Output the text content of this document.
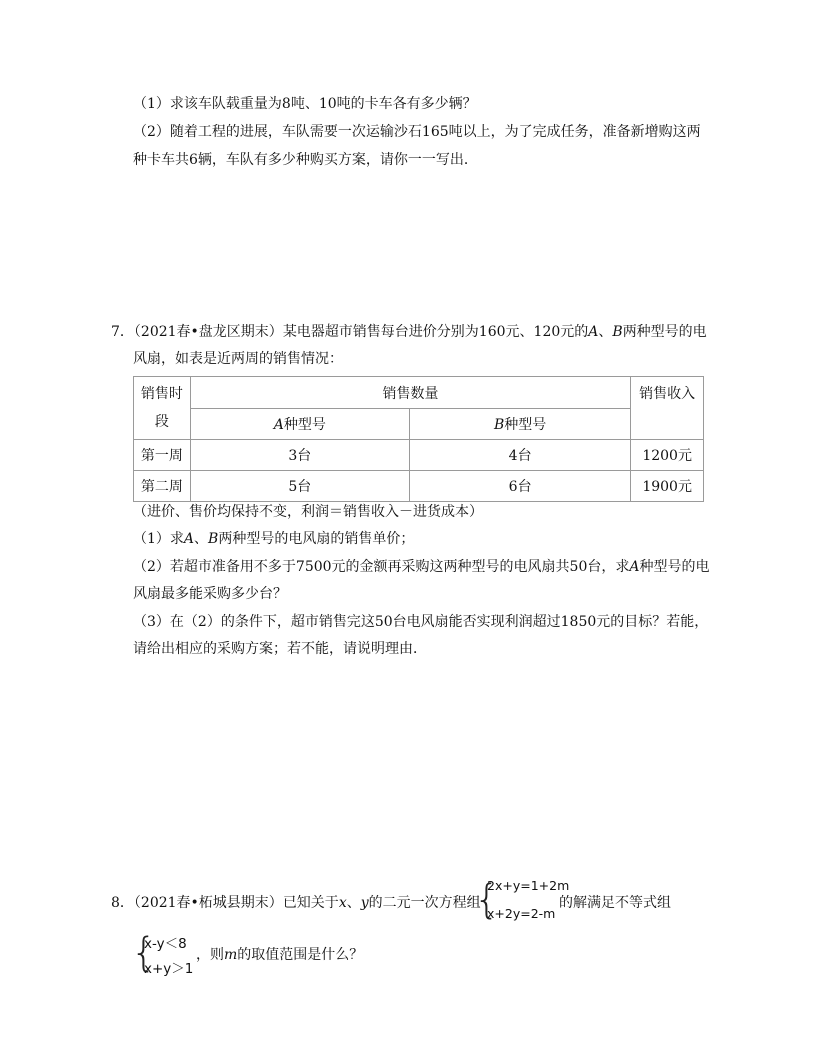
（1）求该车队载重量为8吨、10吨的卡车各有多少辆？
（2）随着工程的进展，车队需要一次运输沙石165吨以上，为了完成任务，准备新增购这两
种卡车共6辆，车队有多少种购买方案，请你一一写出．
7．（2021春•盘龙区期末）某电器超市销售每台进价分别为160元、120元的A、B两种型号的电
风扇，如表是近两周的销售情况：
销售时
段	销售数量		销售收入
	A种型号	B种型号	
第一周	3台	4台	1200元
第二周	5台	6台	1900元
（进价、售价均保持不变，利润＝销售收入－进货成本）
（1）求A、B两种型号的电风扇的销售单价；
（2）若超市准备用不多于7500元的金额再采购这两种型号的电风扇共50台，求A种型号的电
风扇最多能采购多少台？
（3）在（2）的条件下，超市销售完这50台电风扇能否实现利润超过1850元的目标？若能，
请给出相应的采购方案；若不能，请说明理由．
8．（2021春•柘城县期末）已知关于x、y的二元一次方程组
{
2x+y=1+2m
x+2y=2-m
的解满足不等式组
{
x-y＜8
x+y＞1
，则m的取值范围是什么？
